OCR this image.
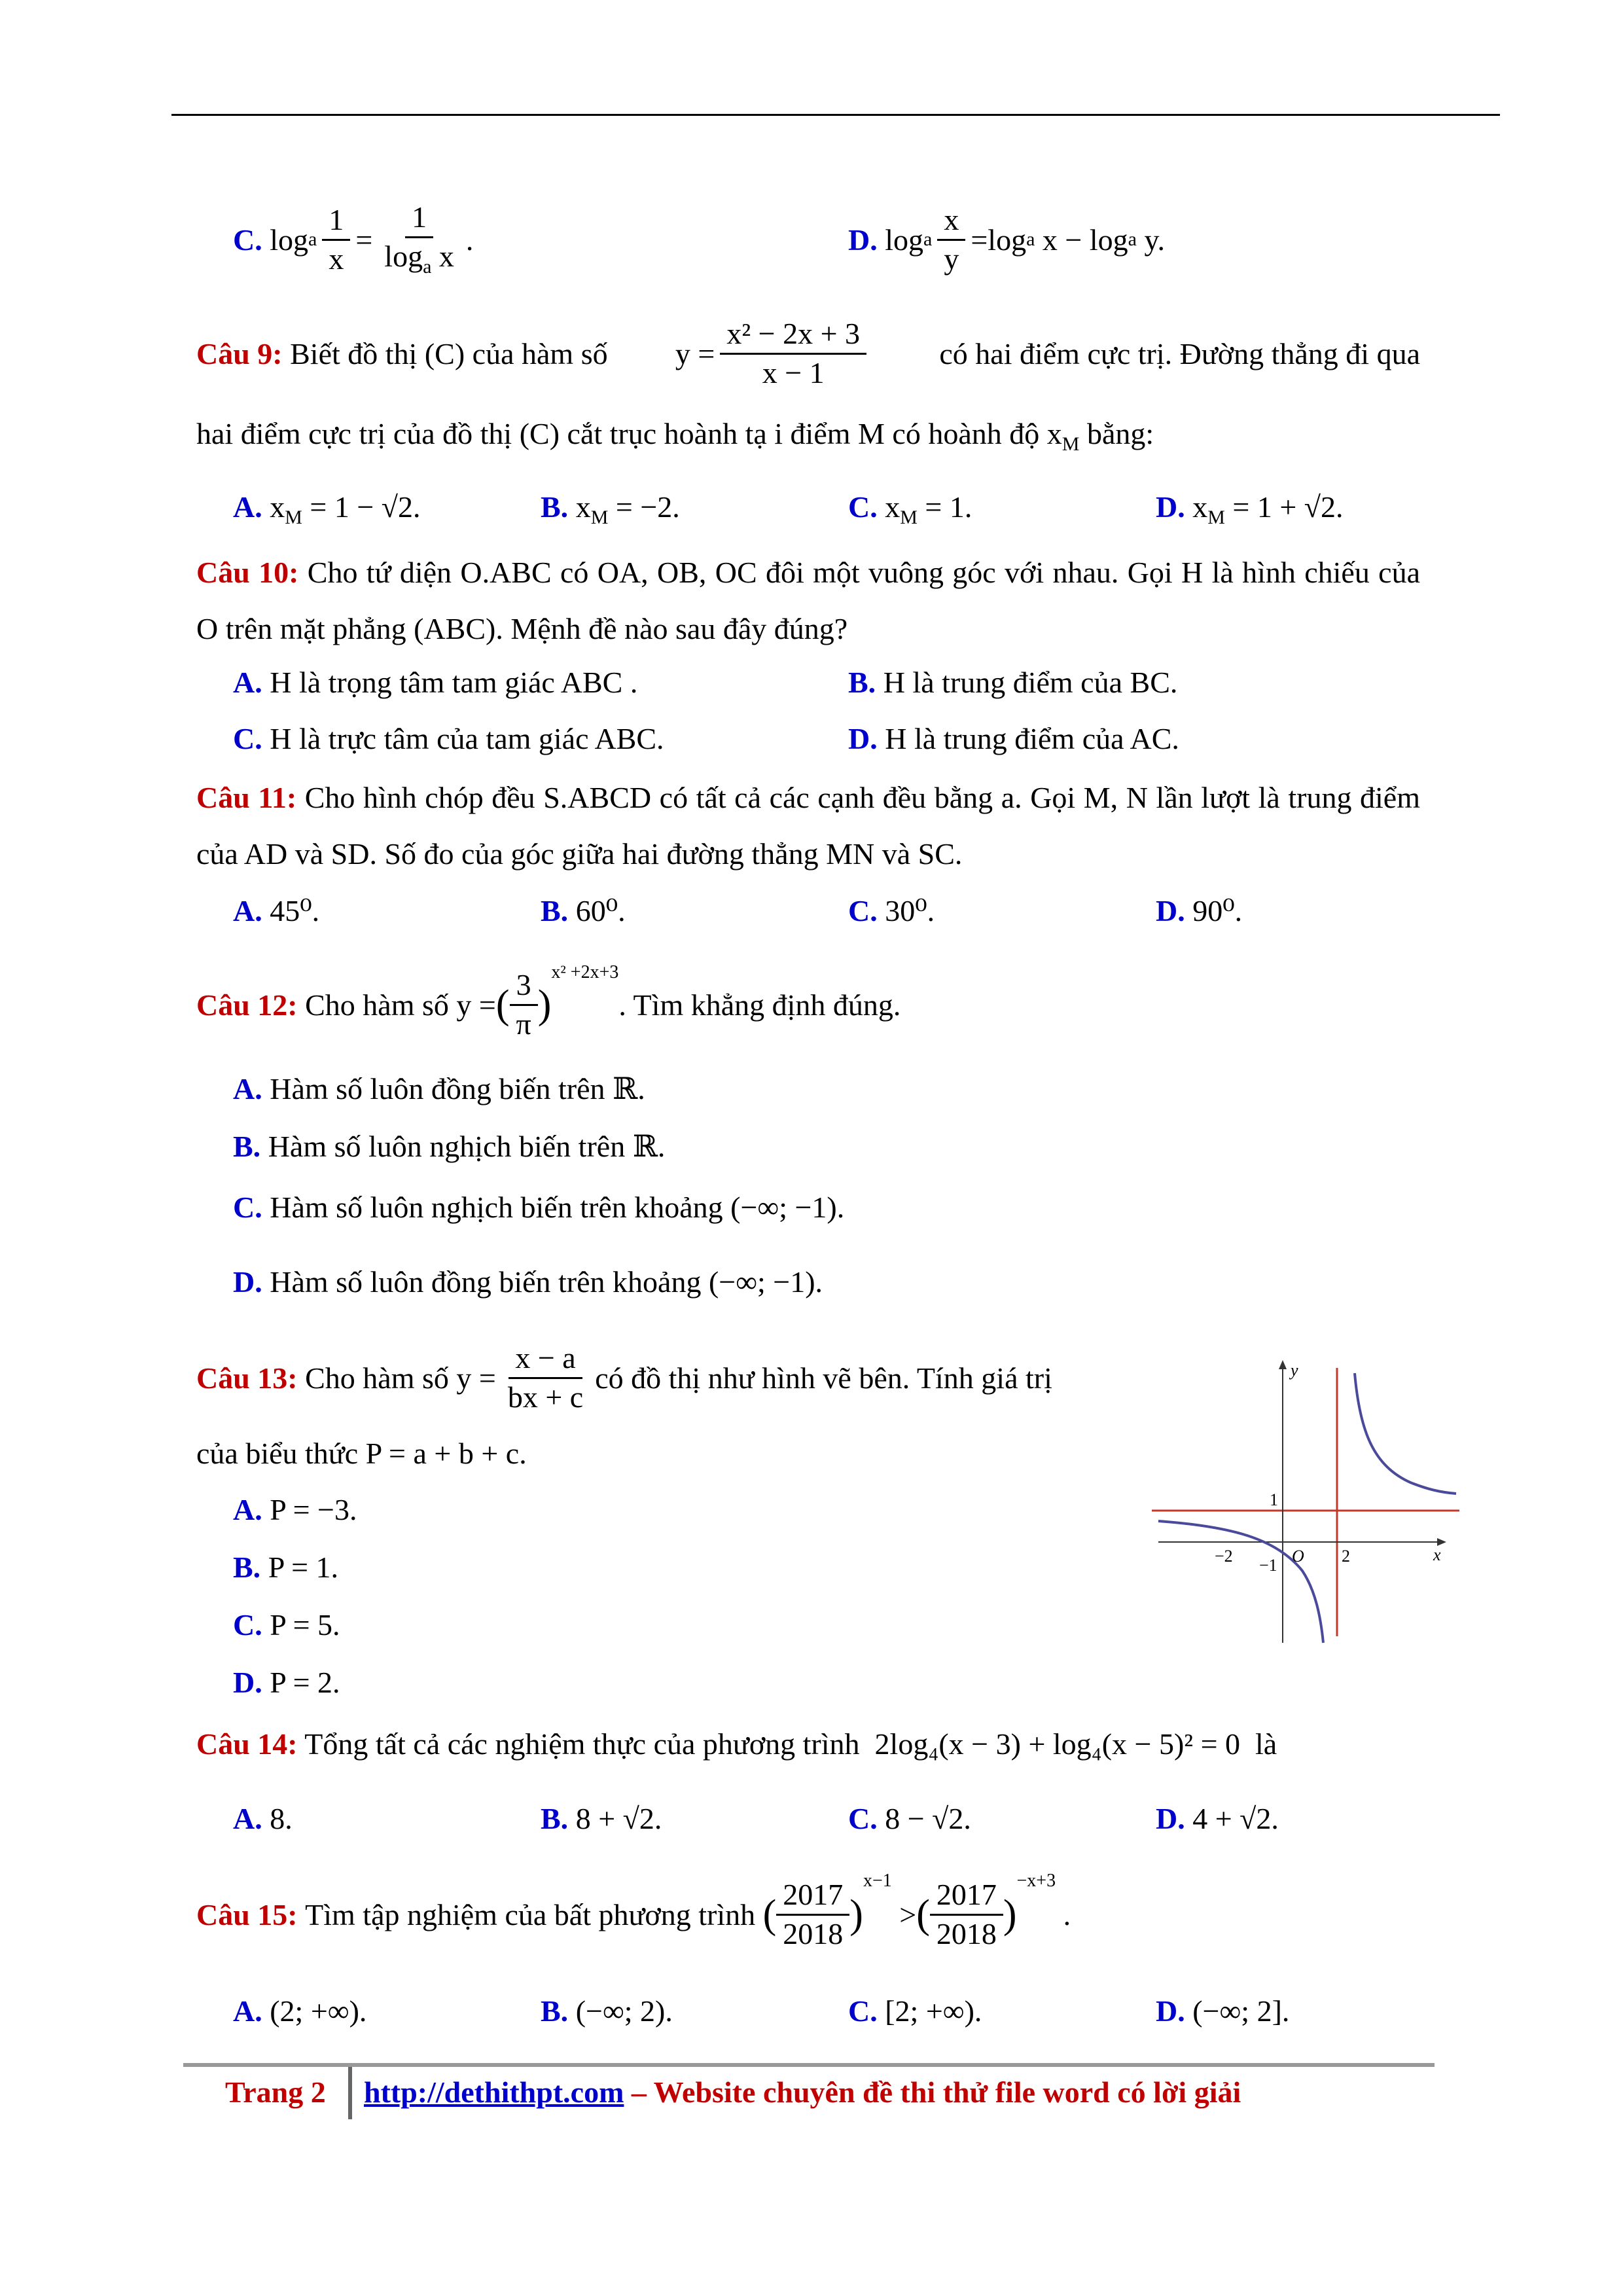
C.
log a $\frac{1}{x} = \frac{1}{\log_a x}$ .	D.
log a $\frac{x}{y} =\log$ a x − log a y.
Câu 9: Biết đồ thị (C) của hàm số $y = \frac{\text{x² − 2x + 3}}{x - 1}$ có hai điểm cực trị. Đường thẳng đi qua
hai điểm cực trị của đồ thị (C) cắt trục hoành tạ i điểm M có hoành độ $x_M$ bằng:
A. $x_M = 1 - √2$.	B. $x_M = -2$.	C. $x_M = 1$.	D. $x_M = 1 + √2$.
Câu 10: Cho tứ diện O.ABC có OA, OB, OC đôi một vuông góc với nhau. Gọi H là hình chiếu của O trên mặt phẳng (ABC). Mệnh đề nào sau đây đúng?
A. H là trọng tâm tam giác ABC .	B. H là trung điểm của BC.
C. H là trực tâm của tam giác ABC.	D. H là trung điểm của AC.
Câu 11: Cho hình chóp đều S.ABCD có tất cả các cạnh đều bằng a. Gọi M, N lần lượt là trung điểm của AD và SD. Số đo của góc giữa hai đường thẳng MN và SC.
A. 45⁰.	B. 60⁰.	C. 30⁰.	D. 90⁰.
Câu 12:
Cho hàm số
y = ( $\frac{3}{\pi}$ )
x² +2x+3
. Tìm khẳng định đúng.
A. Hàm số luôn đồng biến trên ℝ.
B. Hàm số luôn nghịch biến trên ℝ.
C. Hàm số luôn nghịch biến trên khoảng (−∞; −1).
D. Hàm số luôn đồng biến trên khoảng (−∞; −1).
Câu 13:
Cho hàm số
$y = \frac{x - a}{bx + c}$ có đồ thị như hình vẽ bên. Tính giá trị
của biểu thức P = a + b + c.
A. P = −3.
B. P = 1.
C. P = 5.
D. P = 2.
y
x
1
−1
−2	O 2
Câu 14: Tổng tất cả các nghiệm thực của phương trình 2log₄(x − 3) + log₄(x − 5)² = 0 là
A. 8.	B. 8 + √2.	C. 8 − √2.	D. 4 + √2.
Câu 15:
Tìm tập nghiệm của bất phương trình
( $\frac{2017}{2018}$ )
x−1

> ( $\frac{2017}{2018}$ )
−x+3

.
A. (2; +∞).	B. (−∞; 2).	C. [2; +∞).	D. (−∞; 2].
Trang 2 http://dethithpt.com – Website chuyên đề thi thử file word có lời giải
